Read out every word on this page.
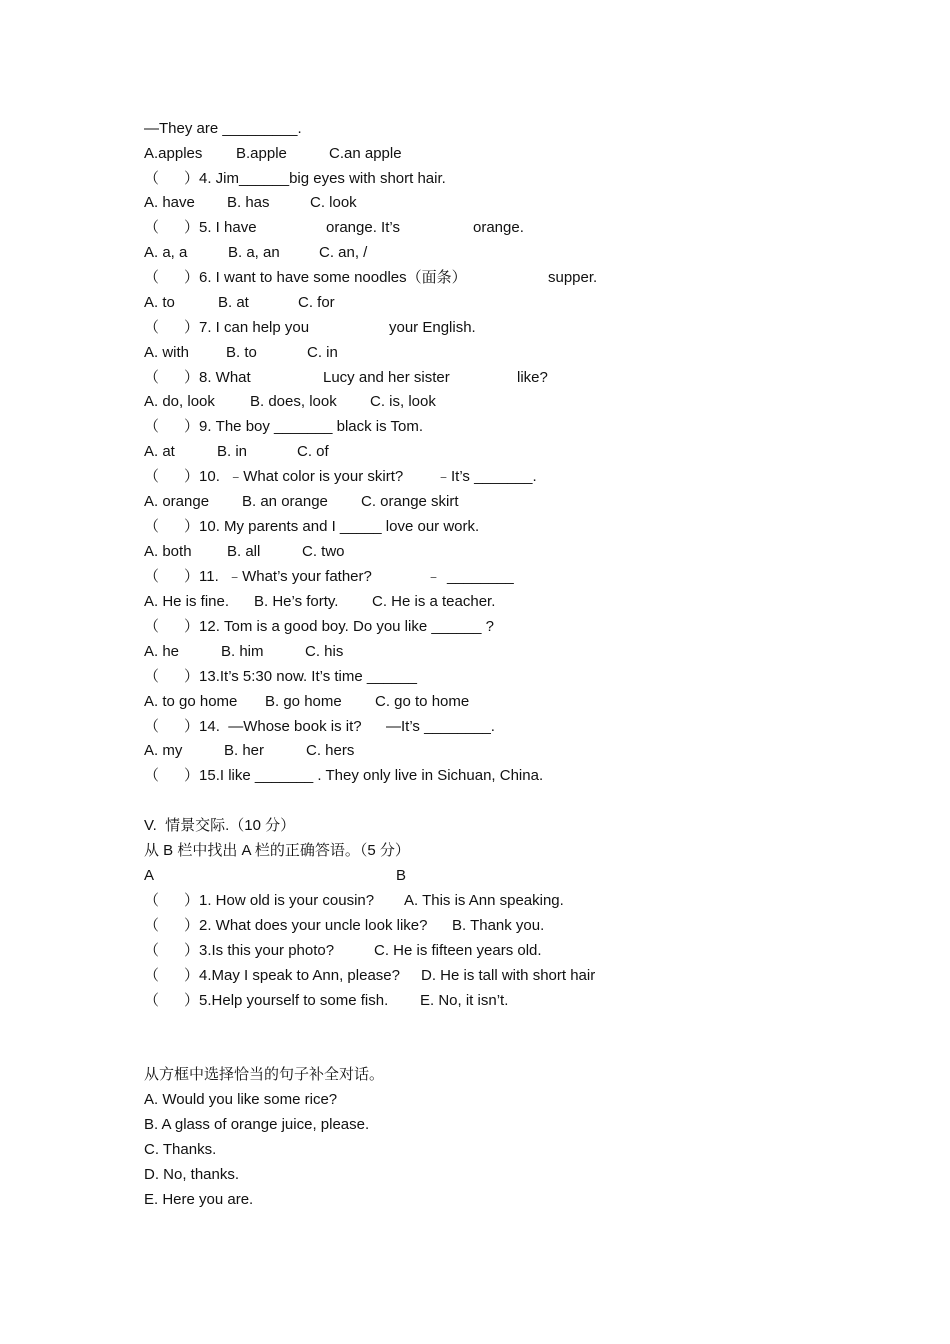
—They are _________.
A.apples B.apple	C.an apple
（      ）4. Jim______big eyes with short hair.
A. have B. has	C. look
（      ）5. I have	orange. It’s	orange.
A. a, a	B. a, an	C. an, /
（      ）6. I want to have some noodles（面条）	supper.
A. to	B. at	C. for
（      ）7. I can help you	your English.
A. with B. to	C. in
（      ）8. What	Lucy and her sister	like?
A. do, look B. does, look C. is, look
（      ）9. The boy _______ black is Tom.
A. at	B. in	C. of
（      ）10.  ﹣What color is your skirt? ﹣It’s _______.
A. orange B. an orange C. orange skirt
（      ）10. My parents and I _____ love our work.
A. both B. all	C. two
（      ）11.  ﹣What’s your father?	﹣ ________
A. He is fine. B. He’s forty. C. He is a teacher.
（      ）12. Tom is a good boy. Do you like ______ ?
A. he	B. him	C. his
（      ）13.It’s 5:30 now. It’s time ______
A. to go home B. go home C. go to home
（      ）14.  —Whose book is it? —It’s ________.
A. my	B. her	C. hers
（      ）15.I like _______ . They only live in Sichuan, China.
V.  情景交际.（10 分）
从 B 栏中找出 A 栏的正确答语。（5 分）
A	B
（      ）1. How old is your cousin? A. This is Ann speaking.
（      ）2. What does your uncle look like? B. Thank you.
（      ）3.Is this your photo?	C. He is fifteen years old.
（      ）4.May I speak to Ann, please? D. He is tall with short hair
（      ）5.Help yourself to some fish. E. No, it isn’t.
从方框中选择恰当的句子补全对话。
A. Would you like some rice?
B. A glass of orange juice, please.
C. Thanks.
D. No, thanks.
E. Here you are.
